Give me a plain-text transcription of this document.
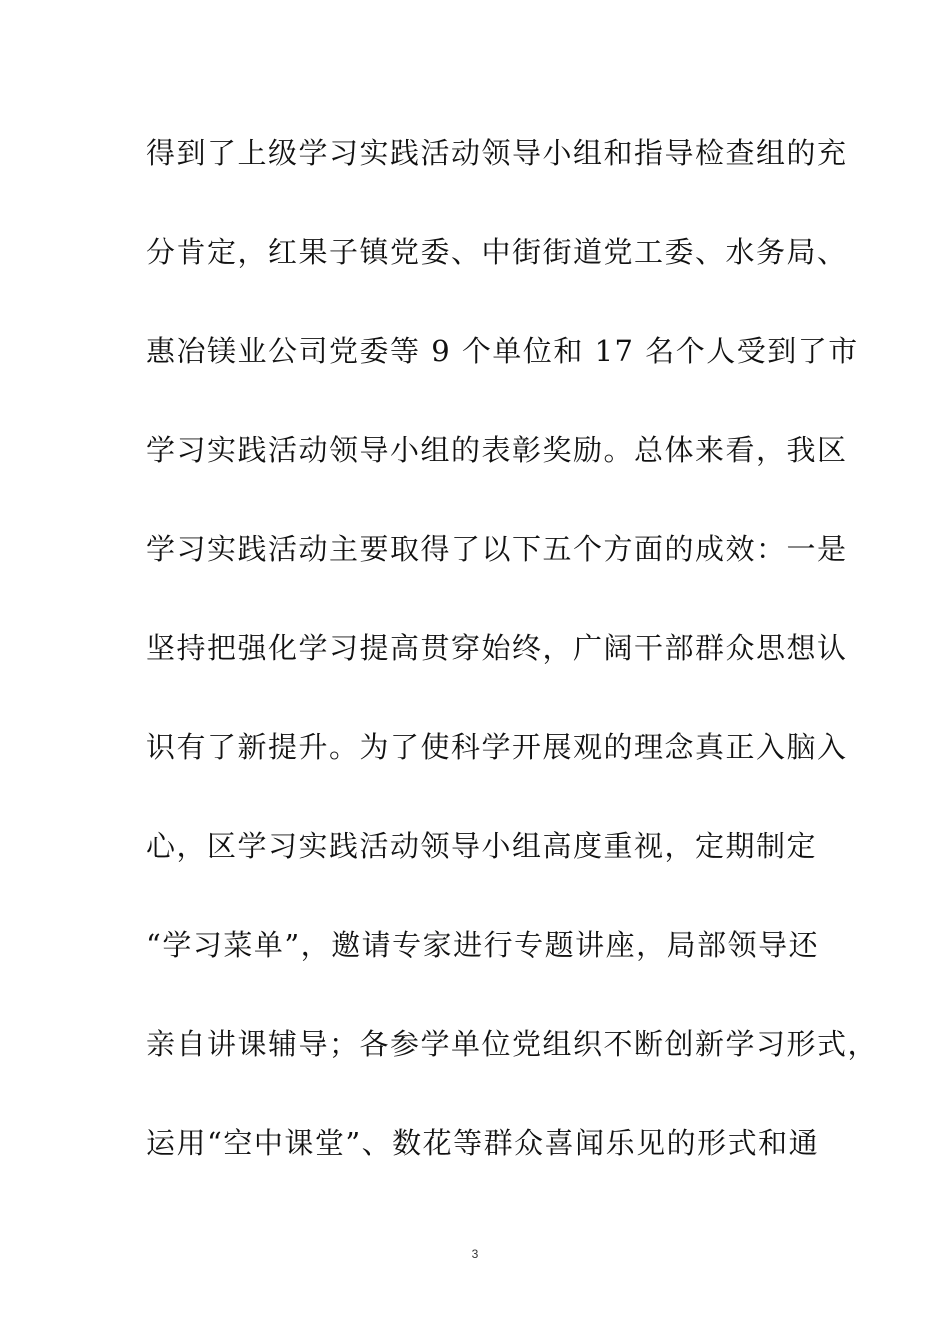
得到了上级学习实践活动领导小组和指导检查组的充
分肯定，红果子镇党委、中街街道党工委、水务局、
惠冶镁业公司党委等 9 个单位和 17 名个人受到了市
学习实践活动领导小组的表彰奖励。总体来看，我区
学习实践活动主要取得了以下五个方面的成效：一是
坚持把强化学习提高贯穿始终，广阔干部群众思想认
识有了新提升。为了使科学开展观的理念真正入脑入
心，区学习实践活动领导小组高度重视，定期制定
“学习菜单”，邀请专家进行专题讲座，局部领导还
亲自讲课辅导；各参学单位党组织不断创新学习形式，
运用“空中课堂”、数花等群众喜闻乐见的形式和通
3
